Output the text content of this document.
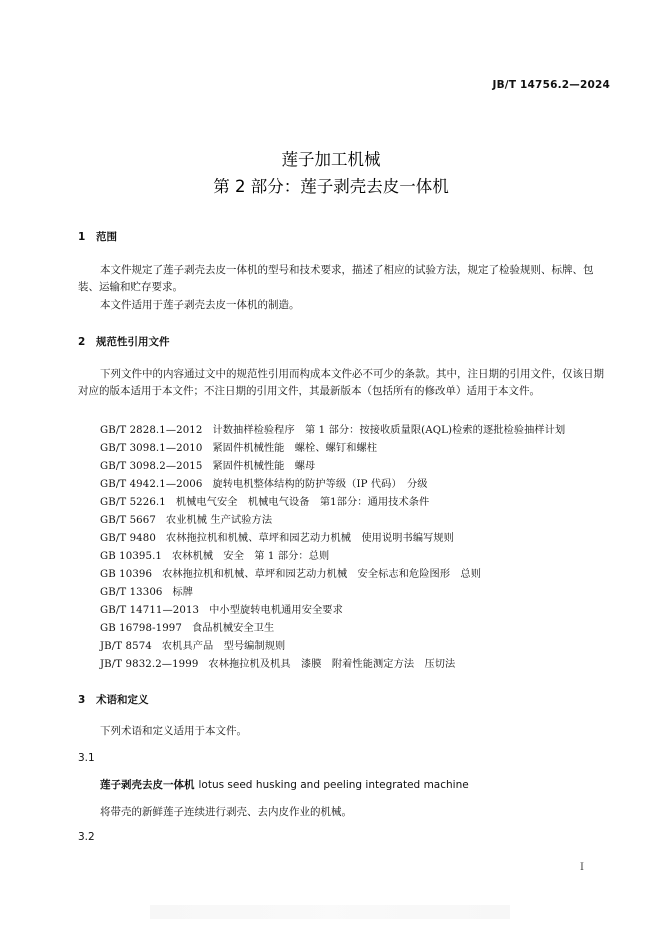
JB/T 14756.2—2024
莲子加工机械
第 2 部分：莲子剥壳去皮一体机
1 范围
本文件规定了莲子剥壳去皮一体机的型号和技术要求，描述了相应的试验方法，规定了检验规则、标牌、包装、运输和贮存要求。
本文件适用于莲子剥壳去皮一体机的制造。
2 规范性引用文件
下列文件中的内容通过文中的规范性引用而构成本文件必不可少的条款。其中，注日期的引用文件，仅该日期对应的版本适用于本文件；不注日期的引用文件，其最新版本（包括所有的修改单）适用于本文件。
GB/T 2828.1—2012 计数抽样检验程序　第 1 部分：按接收质量限(AQL)检索的逐批检验抽样计划
GB/T 3098.1—2010 紧固件机械性能　螺栓、螺钉和螺柱
GB/T 3098.2—2015 紧固件机械性能　螺母
GB/T 4942.1—2006 旋转电机整体结构的防护等级（IP 代码）　分级
GB/T 5226.1 机械电气安全　机械电气设备　第1部分：通用技术条件
GB/T 5667 农业机械 生产试验方法
GB/T 9480 农林拖拉机和机械、草坪和园艺动力机械　使用说明书编写规则
GB 10395.1 农林机械　安全　第 1 部分：总则
GB 10396 农林拖拉机和机械、草坪和园艺动力机械　安全标志和危险图形　总则
GB/T 13306 标牌
GB/T 14711—2013 中小型旋转电机通用安全要求
GB 16798-1997 食品机械安全卫生
JB/T 8574 农机具产品　型号编制规则
JB/T 9832.2—1999 农林拖拉机及机具　漆膜　附着性能测定方法　压切法
3 术语和定义
下列术语和定义适用于本文件。
3.1
莲子剥壳去皮一体机 lotus seed husking and peeling integrated machine
将带壳的新鲜莲子连续进行剥壳、去内皮作业的机械。
3.2
I
